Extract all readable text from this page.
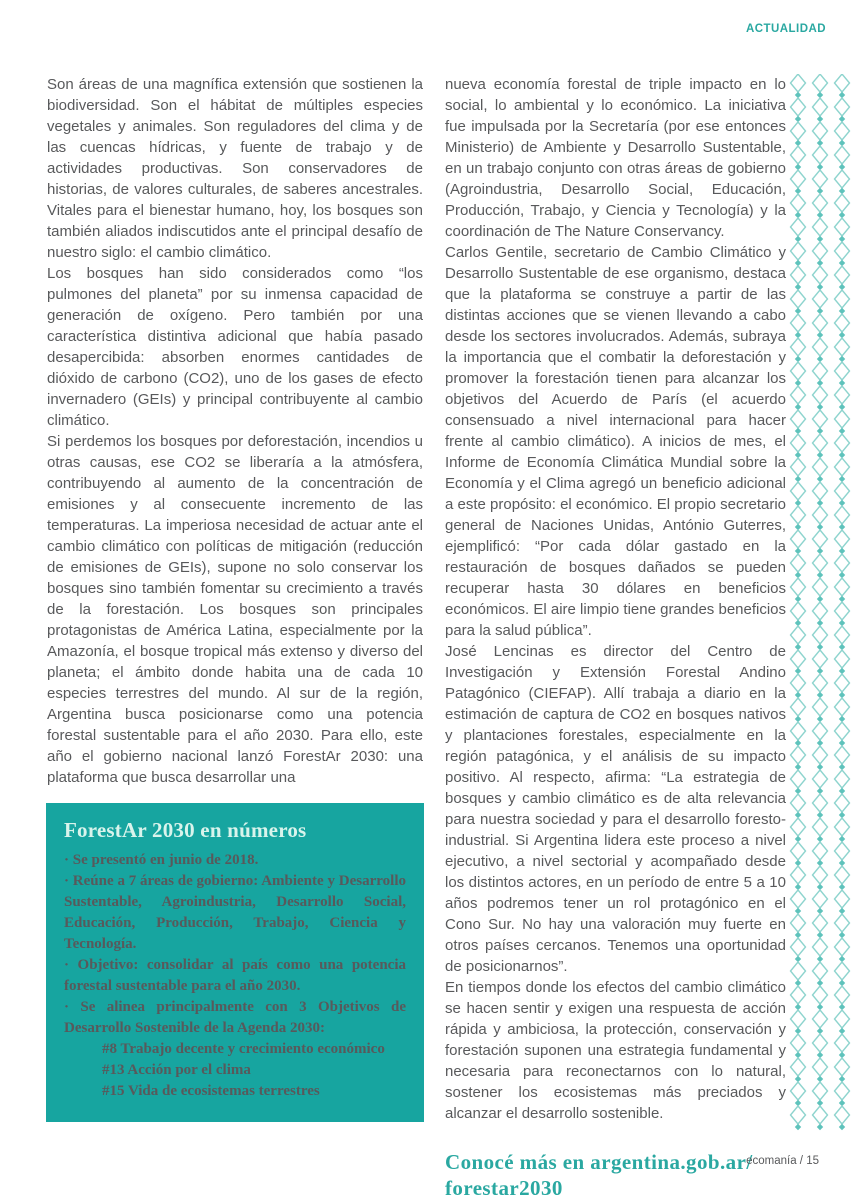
ACTUALIDAD

Son áreas de una magnífica extensión que sostienen la biodiversidad. Son el hábitat de múltiples especies vegetales y animales. Son reguladores del clima y de las cuencas hídricas, y fuente de trabajo y de actividades productivas. Son conservadores de historias, de valores culturales, de saberes ancestrales. Vitales para el bienestar humano, hoy, los bosques son también aliados indiscutidos ante el principal desafío de nuestro siglo: el cambio climático.

Los bosques han sido considerados como “los pulmones del planeta” por su inmensa capacidad de generación de oxígeno. Pero también por una característica distintiva adicional que había pasado desapercibida: absorben enormes cantidades de dióxido de carbono (CO2), uno de los gases de efecto invernadero (GEIs) y principal contribuyente al cambio climático.

Si perdemos los bosques por deforestación, incendios u otras causas, ese CO2 se liberaría a la atmósfera, contribuyendo al aumento de la concentración de emisiones y al consecuente incremento de las temperaturas. La imperiosa necesidad de actuar ante el cambio climático con políticas de mitigación (reducción de emisiones de GEIs), supone no solo conservar los bosques sino también fomentar su crecimiento a través de la forestación. Los bosques son principales protagonistas de América Latina, especialmente por la Amazonía, el bosque tropical más extenso y diverso del planeta; el ámbito donde habita una de cada 10 especies terrestres del mundo. Al sur de la región, Argentina busca posicionarse como una potencia forestal sustentable para el año 2030. Para ello, este año el gobierno nacional lanzó ForestAr 2030: una plataforma que busca desarrollar una

ForestAr 2030 en números

· Se presentó en junio de 2018.

· Reúne a 7 áreas de gobierno: Ambiente y Desarrollo Sustentable, Agroindustria, Desarrollo Social, Educación, Producción, Trabajo, Ciencia y Tecnología.

· Objetivo: consolidar al país como una potencia forestal sustentable para el año 2030.

· Se alinea principalmente con 3 Objetivos de Desarrollo Sostenible de la Agenda 2030:

#8 Trabajo decente y crecimiento económico

#13 Acción por el clima

#15 Vida de ecosistemas terrestres

nueva economía forestal de triple impacto en lo social, lo ambiental y lo económico. La iniciativa fue impulsada por la Secretaría (por ese entonces Ministerio) de Ambiente y Desarrollo Sustentable, en un trabajo conjunto con otras áreas de gobierno (Agroindustria, Desarrollo Social, Educación, Producción, Trabajo, y Ciencia y Tecnología) y la coordinación de The Nature Conservancy.

Carlos Gentile, secretario de Cambio Climático y Desarrollo Sustentable de ese organismo, destaca que la plataforma se construye a partir de las distintas acciones que se vienen llevando a cabo desde los sectores involucrados. Además, subraya la importancia que el combatir la deforestación y promover la forestación tienen para alcanzar los objetivos del Acuerdo de París (el acuerdo consensuado a nivel internacional para hacer frente al cambio climático). A inicios de mes, el Informe de Economía Climática Mundial sobre la Economía y el Clima agregó un beneficio adicional a este propósito: el económico. El propio secretario general de Naciones Unidas, António Guterres, ejemplificó: “Por cada dólar gastado en la restauración de bosques dañados se pueden recuperar hasta 30 dólares en beneficios económicos. El aire limpio tiene grandes beneficios para la salud pública”.

José Lencinas es director del Centro de Investigación y Extensión Forestal Andino Patagónico (CIEFAP). Allí trabaja a diario en la estimación de captura de CO2 en bosques nativos y plantaciones forestales, especialmente en la región patagónica, y el análisis de su impacto positivo. Al respecto, afirma: “La estrategia de bosques y cambio climático es de alta relevancia para nuestra sociedad y para el desarrollo foresto-industrial. Si Argentina lidera este proceso a nivel ejecutivo, a nivel sectorial y acompañado desde los distintos actores, en un período de entre 5 a 10 años podremos tener un rol protagónico en el Cono Sur. No hay una valoración muy fuerte en otros países cercanos. Tenemos una oportunidad de posicionarnos”.

En tiempos donde los efectos del cambio climático se hacen sentir y exigen una respuesta de acción rápida y ambiciosa, la protección, conservación y forestación suponen una estrategia fundamental y necesaria para reconectarnos con lo natural, sostener los ecosistemas más preciados y alcanzar el desarrollo sostenible.

Conocé más en argentina.gob.ar/
forestar2030
ecomanía / 15
